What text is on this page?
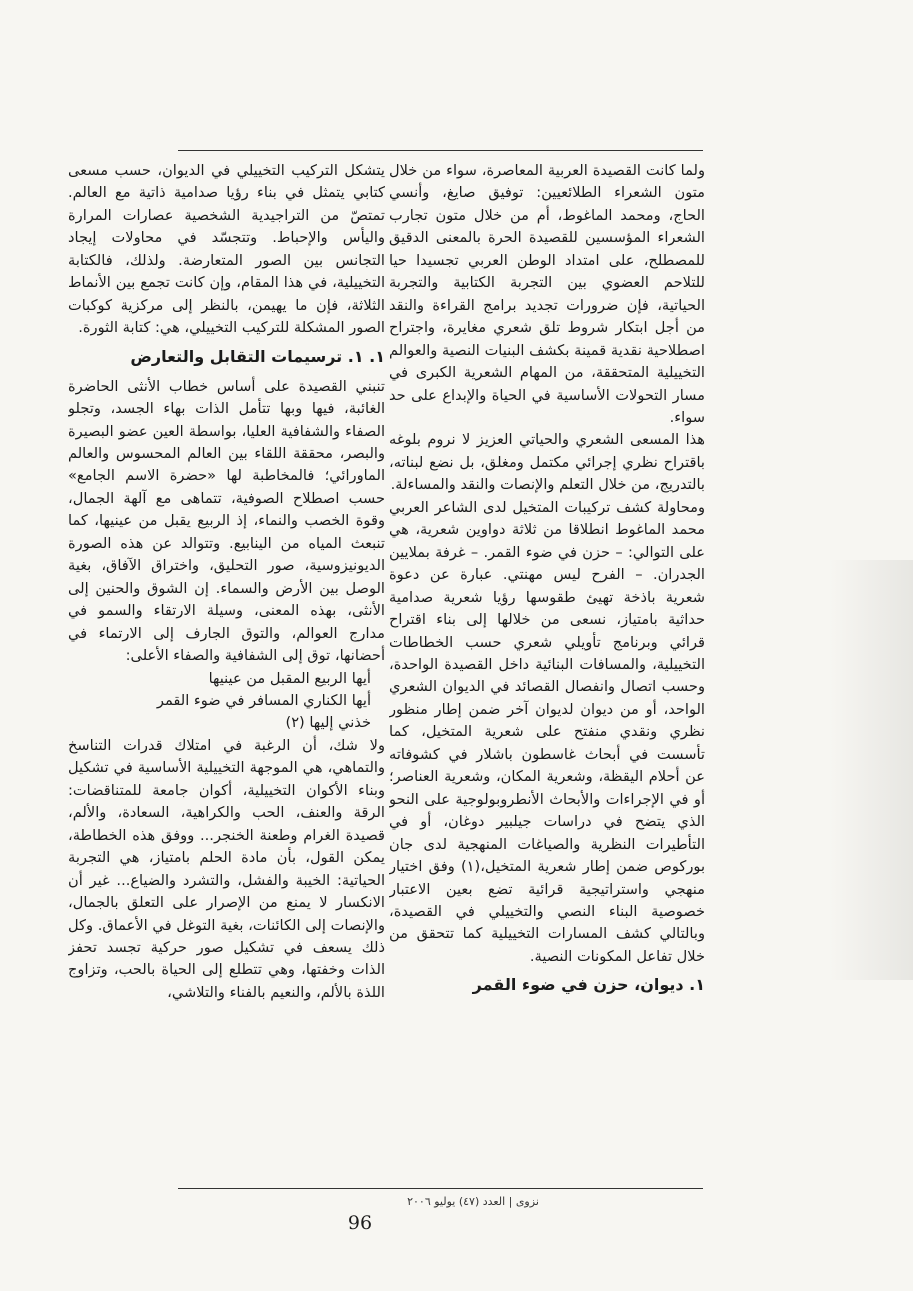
ولما كانت القصيدة العربية المعاصرة، سواء من خلال متون الشعراء الطلائعيين: توفيق صايغ، وأنسي الحاج، ومحمد الماغوط، أم من خلال متون تجارب الشعراء المؤسسين للقصيدة الحرة بالمعنى الدقيق للمصطلح، على امتداد الوطن العربي تجسيدا حيا للتلاحم العضوي بين التجربة الكتابية والتجربة الحياتية، فإن ضرورات تجديد برامج القراءة والنقد من أجل ابتكار شروط تلق شعري مغايرة، واجتراح اصطلاحية نقدية قمينة بكشف البنيات النصية والعوالم التخييلية المتحققة، من المهام الشعرية الكبرى في مسار التحولات الأساسية في الحياة والإبداع على حد سواء.

هذا المسعى الشعري والحياتي العزيز لا نروم بلوغه باقتراح نظري إجرائي مكتمل ومغلق، بل نضع لبناته، بالتدريج، من خلال التعلم والإنصات والنقد والمساءلة.

ومحاولة كشف تركيبات المتخيل لدى الشاعر العربي محمد الماغوط انطلاقا من ثلاثة دواوين شعرية، هي على التوالي: – حزن في ضوء القمر. – غرفة بملايين الجدران. – الفرح ليس مهنتي. عبارة عن دعوة شعرية باذخة تهيئ طقوسها رؤيا شعرية صدامية حداثية بامتياز، نسعى من خلالها إلى بناء اقتراح قرائي وبرنامج تأويلي شعري حسب الخطاطات التخييلية، والمسافات البنائية داخل القصيدة الواحدة، وحسب اتصال وانفصال القصائد في الديوان الشعري الواحد، أو من ديوان لديوان آخر ضمن إطار منظور نظري ونقدي منفتح على شعرية المتخيل، كما تأسست في أبحاث غاسطون باشلار في كشوفاته عن أحلام اليقظة، وشعرية المكان، وشعرية العناصر؛ أو في الإجراءات والأبحاث الأنطروبولوجية على النحو الذي يتضح في دراسات جيلبير دوغان، أو في التأطيرات النظرية والصياغات المنهجية لدى جان بوركوص ضمن إطار شعرية المتخيل،(١) وفق اختيار منهجي واستراتيجية قرائية تضع بعين الاعتبار خصوصية البناء النصي والتخييلي في القصيدة، وبالتالي كشف المسارات التخييلية كما تتحقق من خلال تفاعل المكونات النصية.

١. ديوان، حزن في ضوء القمر

يتشكل التركيب التخييلي في الديوان، حسب مسعى كتابي يتمثل في بناء رؤيا صدامية ذاتية مع العالم. تمتصّ من التراجيدية الشخصية عصارات المرارة واليأس والإحباط. وتتجسّد في محاولات إيجاد التجانس بين الصور المتعارضة. ولذلك، فالكتابة التخييلية، في هذا المقام، وإن كانت تجمع بين الأنماط الثلاثة، فإن ما يهيمن، بالنظر إلى مركزية كوكبات الصور المشكلة للتركيب التخييلي، هي: كتابة الثورة.

١. ١. ترسيمات التقابل والتعارض

تنبني القصيدة على أساس خطاب الأنثى الحاضرة الغائبة، فيها وبها تتأمل الذات بهاء الجسد، وتجلو الصفاء والشفافية العليا، بواسطة العين عضو البصيرة والبصر، محققة اللقاء بين العالم المحسوس والعالم الماورائي؛ فالمخاطبة لها «حضرة الاسم الجامع» حسب اصطلاح الصوفية، تتماهى مع آلهة الجمال، وقوة الخصب والنماء، إذ الربيع يقبل من عينيها، كما تنبعث المياه من الينابيع. وتتوالد عن هذه الصورة الديونيزوسية، صور التحليق، واختراق الآفاق، بغية الوصل بين الأرض والسماء. إن الشوق والحنين إلى الأنثى، بهذه المعنى، وسيلة الارتقاء والسمو في مدارج العوالم، والتوق الجارف إلى الارتماء في أحضانها، توق إلى الشفافية والصفاء الأعلى:

أيها الربيع المقبل من عينيها
أيها الكناري المسافر في ضوء القمر
خذني إليها (٢)

ولا شك، أن الرغبة في امتلاك قدرات التناسخ والتماهي، هي الموجهة التخييلية الأساسية في تشكيل وبناء الأكوان التخييلية، أكوان جامعة للمتناقضات: الرقة والعنف، الحب والكراهية، السعادة، والألم، قصيدة الغرام وطعنة الخنجر... ووفق هذه الخطاطة، يمكن القول، بأن مادة الحلم بامتياز، هي التجربة الحياتية: الخيبة والفشل، والتشرد والضياع... غير أن الانكسار لا يمنع من الإصرار على التعلق بالجمال، والإنصات إلى الكائنات، بغية التوغل في الأعماق. وكل ذلك يسعف في تشكيل صور حركية تجسد تحفز الذات وخفتها، وهي تتطلع إلى الحياة بالحب، وتزاوج اللذة بالألم، والنعيم بالفناء والتلاشي،

نزوى | العدد (٤٧) يوليو ٢٠٠٦
96
